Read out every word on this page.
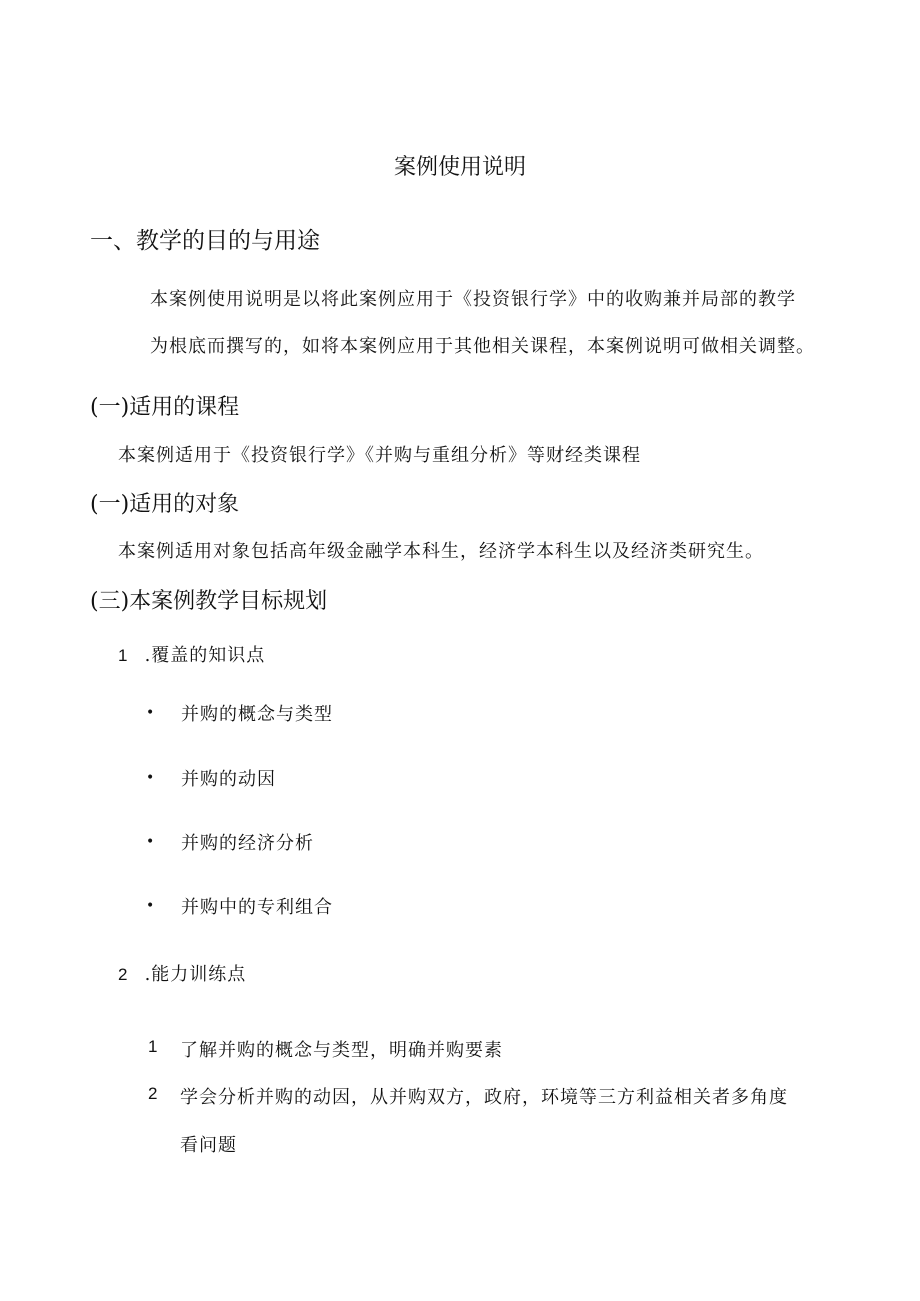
案例使用说明
一、教学的目的与用途
本案例使用说明是以将此案例应用于《投资银行学》中的收购兼并局部的教学
为根底而撰写的，如将本案例应用于其他相关课程，本案例说明可做相关调整。
(一)适用的课程
本案例适用于《投资银行学》《并购与重组分析》等财经类课程
(一)适用的对象
本案例适用对象包括高年级金融学本科生，经济学本科生以及经济类研究生。
(三)本案例教学目标规划
1 .覆盖的知识点
• 并购的概念与类型
• 并购的动因
• 并购的经济分析
• 并购中的专利组合
2 .能力训练点
1 了解并购的概念与类型，明确并购要素
2 学会分析并购的动因，从并购双方，政府，环境等三方利益相关者多角度
看问题
